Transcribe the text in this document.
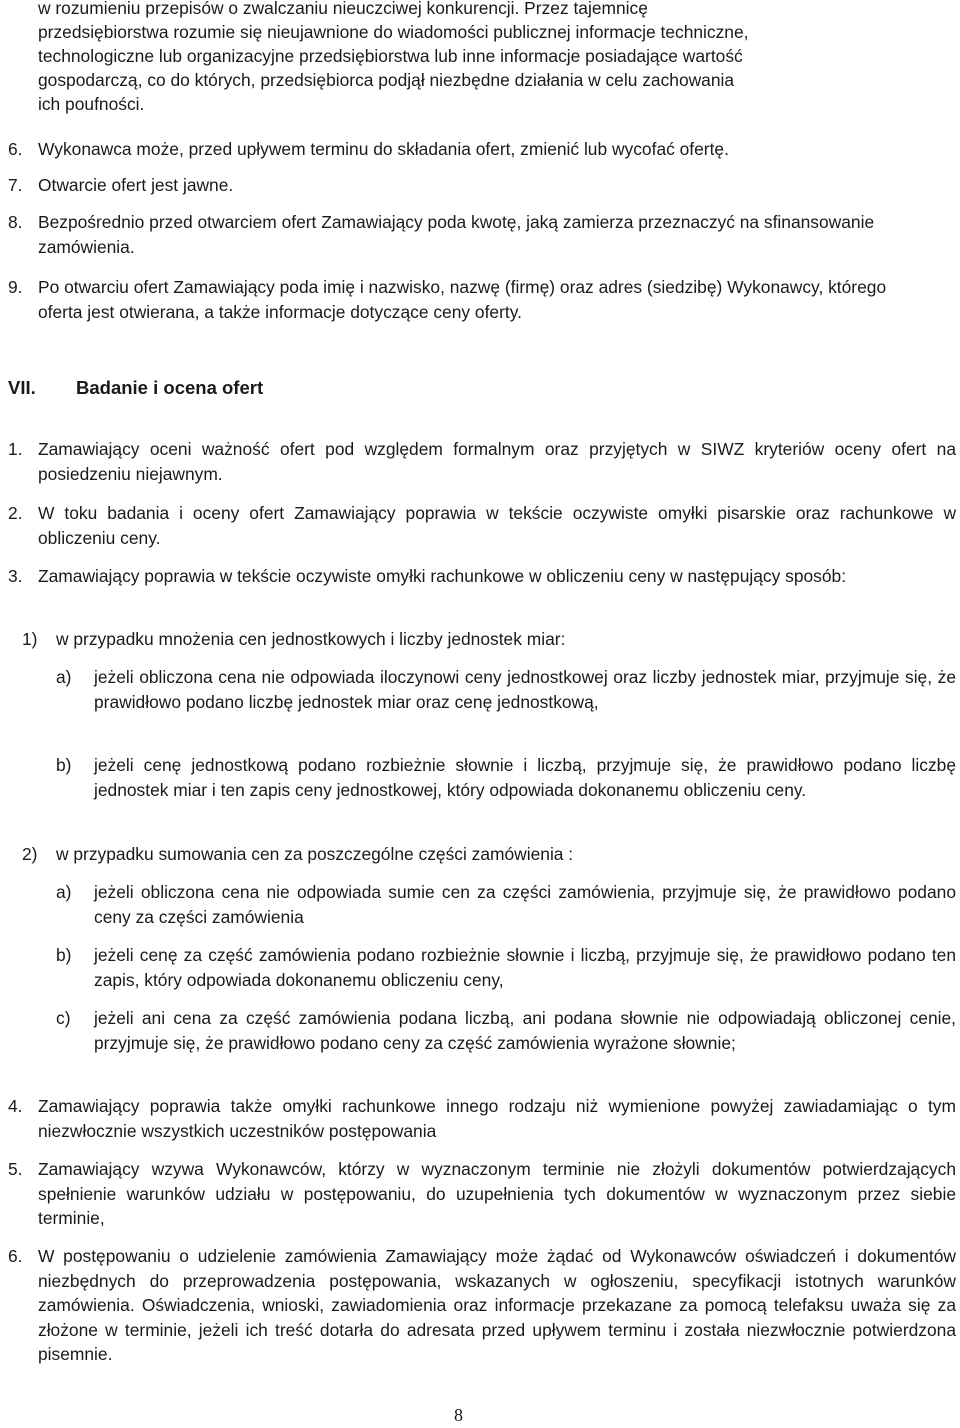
w rozumieniu przepisów o zwalczaniu nieuczciwej konkurencji. Przez tajemnicę
przedsiębiorstwa rozumie się nieujawnione do wiadomości publicznej informacje techniczne,
technologiczne lub organizacyjne przedsiębiorstwa lub inne informacje posiadające wartość
gospodarczą, co do których, przedsiębiorca podjął niezbędne działania w celu zachowania
ich poufności.
6. Wykonawca może, przed upływem terminu do składania ofert, zmienić lub wycofać ofertę.
7. Otwarcie ofert jest jawne.
8. Bezpośrednio przed otwarciem ofert Zamawiający poda kwotę, jaką zamierza przeznaczyć na sfinansowanie zamówienia.
9. Po otwarciu ofert Zamawiający poda imię i nazwisko, nazwę (firmę) oraz adres (siedzibę) Wykonawcy, którego oferta jest otwierana, a także informacje dotyczące ceny oferty.
VII. Badanie i ocena ofert
1. Zamawiający oceni ważność ofert pod względem formalnym oraz przyjętych w SIWZ kryteriów oceny ofert na posiedzeniu niejawnym.
2. W toku badania i oceny ofert Zamawiający poprawia w tekście oczywiste omyłki pisarskie oraz rachunkowe w obliczeniu ceny.
3. Zamawiający poprawia w tekście oczywiste omyłki rachunkowe w obliczeniu ceny w następujący sposób:
1) w przypadku mnożenia cen jednostkowych i liczby jednostek miar:
a) jeżeli obliczona cena nie odpowiada iloczynowi ceny jednostkowej oraz liczby jednostek miar, przyjmuje się, że prawidłowo podano liczbę jednostek miar oraz cenę jednostkową,
b) jeżeli cenę jednostkową podano rozbieżnie słownie i liczbą, przyjmuje się, że prawidłowo podano liczbę jednostek miar i ten zapis ceny jednostkowej, który odpowiada dokonanemu obliczeniu ceny.
2) w przypadku sumowania cen za poszczególne części zamówienia :
a) jeżeli obliczona cena nie odpowiada sumie cen za części zamówienia, przyjmuje się, że prawidłowo podano ceny za części zamówienia
b) jeżeli cenę za część zamówienia podano rozbieżnie słownie i liczbą, przyjmuje się, że prawidłowo podano ten zapis, który odpowiada dokonanemu obliczeniu ceny,
c) jeżeli ani cena za część zamówienia podana liczbą, ani podana słownie nie odpowiadają obliczonej cenie, przyjmuje się, że prawidłowo podano ceny za część zamówienia wyrażone słownie;
4. Zamawiający poprawia także omyłki rachunkowe innego rodzaju niż wymienione powyżej zawiadamiając o tym niezwłocznie wszystkich uczestników postępowania
5. Zamawiający wzywa Wykonawców, którzy w wyznaczonym terminie nie złożyli dokumentów potwierdzających spełnienie warunków udziału w postępowaniu, do uzupełnienia tych dokumentów w wyznaczonym przez siebie terminie,
6. W postępowaniu o udzielenie zamówienia Zamawiający może żądać od Wykonawców oświadczeń i dokumentów niezbędnych do przeprowadzenia postępowania, wskazanych w ogłoszeniu, specyfikacji istotnych warunków zamówienia. Oświadczenia, wnioski, zawiadomienia oraz informacje przekazane za pomocą telefaksu uważa się za złożone w terminie, jeżeli ich treść dotarła do adresata przed upływem terminu i została niezwłocznie potwierdzona pisemnie.
8
